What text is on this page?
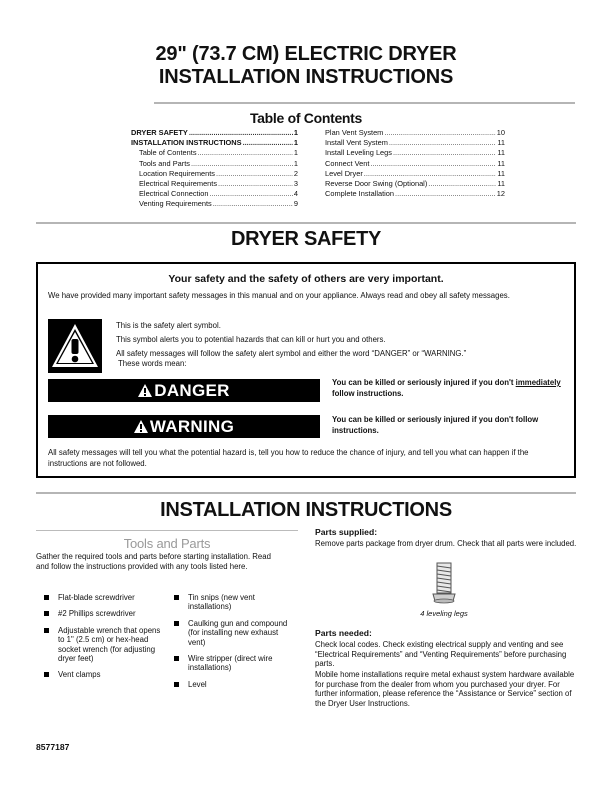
29" (73.7 CM) ELECTRIC DRYER
INSTALLATION INSTRUCTIONS
Table of Contents
DRYER SAFETY .....	1
INSTALLATION INSTRUCTIONS .....	1
Table of Contents .....	1
Tools and Parts .....	1
Location Requirements .....	2
Electrical Requirements .....	3
Electrical Connection .....	4
Venting Requirements .....	9
Plan Vent System .....	10
Install Vent System .....	11
Install Leveling Legs .....	11
Connect Vent .....	11
Level Dryer .....	11
Reverse Door Swing (Optional) .....	11
Complete Installation .....	12
DRYER SAFETY
Your safety and the safety of others are very important.
We have provided many important safety messages in this manual and on your appliance. Always read and obey all safety messages.
This is the safety alert symbol.
This symbol alerts you to potential hazards that can kill or hurt you and others.
All safety messages will follow the safety alert symbol and either the word “DANGER” or “WARNING.”
These words mean:
DANGER	You can be killed or seriously injured if you don't immediately follow instructions.
WARNING	You can be killed or seriously injured if you don't follow instructions.
All safety messages will tell you what the potential hazard is, tell you how to reduce the chance of injury, and tell you what can happen if the instructions are not followed.
INSTALLATION INSTRUCTIONS
Tools and Parts
Gather the required tools and parts before starting installation. Read and follow the instructions provided with any tools listed here.
Flat-blade screwdriver
#2 Phillips screwdriver
Adjustable wrench that opens to 1" (2.5 cm) or hex-head socket wrench (for adjusting dryer feet)
Vent clamps
Tin snips (new vent installations)
Caulking gun and compound (for installing new exhaust vent)
Wire stripper (direct wire installations)
Level
Parts supplied:
Remove parts package from dryer drum. Check that all parts were included.
4 leveling legs
Parts needed:
Check local codes. Check existing electrical supply and venting and see “Electrical Requirements” and “Venting Requirements” before purchasing parts.
Mobile home installations require metal exhaust system hardware available for purchase from the dealer from whom you purchased your dryer. For further information, please reference the “Assistance or Service” section of the Dryer User Instructions.
8577187
